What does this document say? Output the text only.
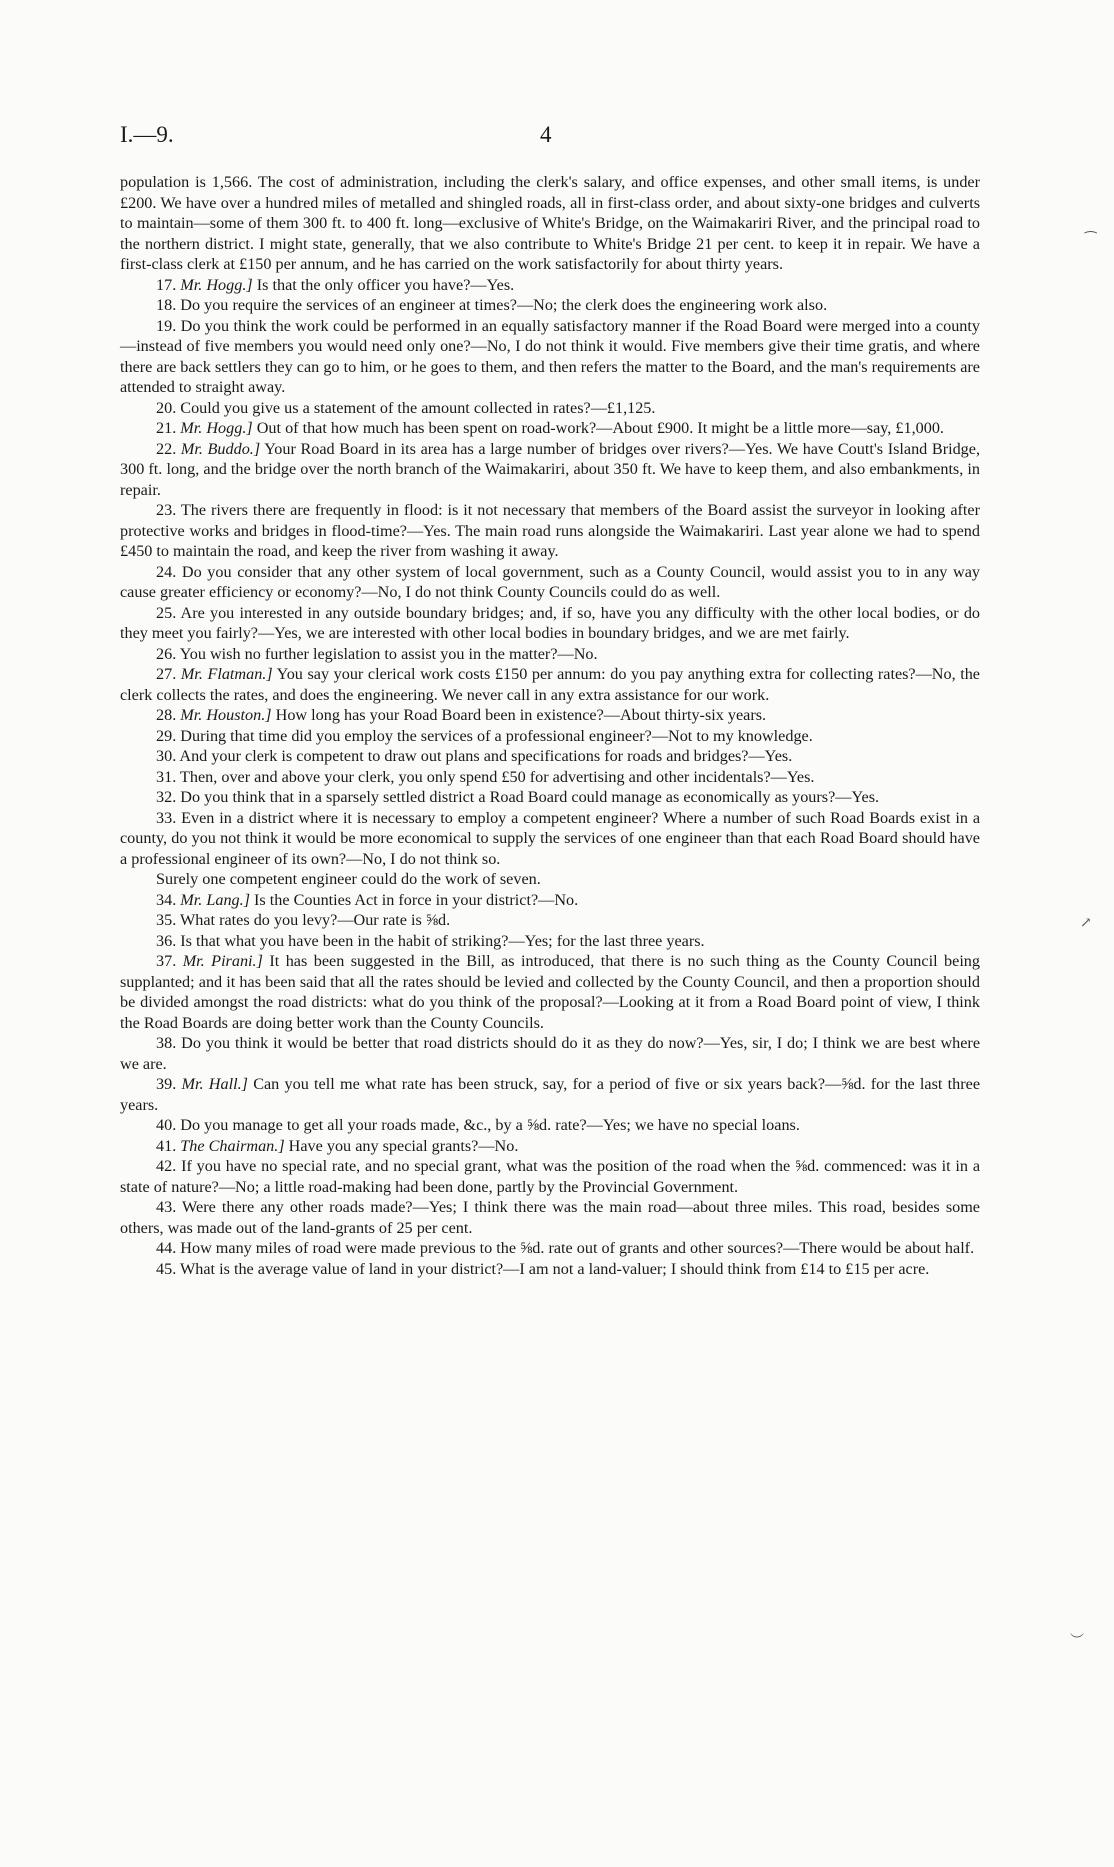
I.—9.	4

population is 1,566. The cost of administration, including the clerk's salary, and office expenses, and other small items, is under £200. We have over a hundred miles of metalled and shingled roads, all in first-class order, and about sixty-one bridges and culverts to maintain—some of them 300 ft. to 400 ft. long—exclusive of White's Bridge, on the Waimakariri River, and the principal road to the northern district. I might state, generally, that we also contribute to White's Bridge 21 per cent. to keep it in repair. We have a first-class clerk at £150 per annum, and he has carried on the work satisfactorily for about thirty years.

17. Mr. Hogg.] Is that the only officer you have?—Yes.

18. Do you require the services of an engineer at times?—No; the clerk does the engineering work also.

19. Do you think the work could be performed in an equally satisfactory manner if the Road Board were merged into a county—instead of five members you would need only one?—No, I do not think it would. Five members give their time gratis, and where there are back settlers they can go to him, or he goes to them, and then refers the matter to the Board, and the man's requirements are attended to straight away.

20. Could you give us a statement of the amount collected in rates?—£1,125.

21. Mr. Hogg.] Out of that how much has been spent on road-work?—About £900. It might be a little more—say, £1,000.

22. Mr. Buddo.] Your Road Board in its area has a large number of bridges over rivers?—Yes. We have Coutt's Island Bridge, 300 ft. long, and the bridge over the north branch of the Waimakariri, about 350 ft. We have to keep them, and also embankments, in repair.

23. The rivers there are frequently in flood: is it not necessary that members of the Board assist the surveyor in looking after protective works and bridges in flood-time?—Yes. The main road runs alongside the Waimakariri. Last year alone we had to spend £450 to maintain the road, and keep the river from washing it away.

24. Do you consider that any other system of local government, such as a County Council, would assist you to in any way cause greater efficiency or economy?—No, I do not think County Councils could do as well.

25. Are you interested in any outside boundary bridges; and, if so, have you any difficulty with the other local bodies, or do they meet you fairly?—Yes, we are interested with other local bodies in boundary bridges, and we are met fairly.

26. You wish no further legislation to assist you in the matter?—No.

27. Mr. Flatman.] You say your clerical work costs £150 per annum: do you pay anything extra for collecting rates?—No, the clerk collects the rates, and does the engineering. We never call in any extra assistance for our work.

28. Mr. Houston.] How long has your Road Board been in existence?—About thirty-six years.

29. During that time did you employ the services of a professional engineer?—Not to my knowledge.

30. And your clerk is competent to draw out plans and specifications for roads and bridges?—Yes.

31. Then, over and above your clerk, you only spend £50 for advertising and other incidentals?—Yes.

32. Do you think that in a sparsely settled district a Road Board could manage as economically as yours?—Yes.

33. Even in a district where it is necessary to employ a competent engineer? Where a number of such Road Boards exist in a county, do you not think it would be more economical to supply the services of one engineer than that each Road Board should have a professional engineer of its own?—No, I do not think so.

Surely one competent engineer could do the work of seven.

34. Mr. Lang.] Is the Counties Act in force in your district?—No.

35. What rates do you levy?—Our rate is ⅝d.

36. Is that what you have been in the habit of striking?—Yes; for the last three years.

37. Mr. Pirani.] It has been suggested in the Bill, as introduced, that there is no such thing as the County Council being supplanted; and it has been said that all the rates should be levied and collected by the County Council, and then a proportion should be divided amongst the road districts: what do you think of the proposal?—Looking at it from a Road Board point of view, I think the Road Boards are doing better work than the County Councils.

38. Do you think it would be better that road districts should do it as they do now?—Yes, sir, I do; I think we are best where we are.

39. Mr. Hall.] Can you tell me what rate has been struck, say, for a period of five or six years back?—⅝d. for the last three years.

40. Do you manage to get all your roads made, &c., by a ⅝d. rate?—Yes; we have no special loans.

41. The Chairman.] Have you any special grants?—No.

42. If you have no special rate, and no special grant, what was the position of the road when the ⅝d. commenced: was it in a state of nature?—No; a little road-making had been done, partly by the Provincial Government.

43. Were there any other roads made?—Yes; I think there was the main road—about three miles. This road, besides some others, was made out of the land-grants of 25 per cent.

44. How many miles of road were made previous to the ⅝d. rate out of grants and other sources?—There would be about half.

45. What is the average value of land in your district?—I am not a land-valuer; I should think from £14 to £15 per acre.

⁀
↗
︶
